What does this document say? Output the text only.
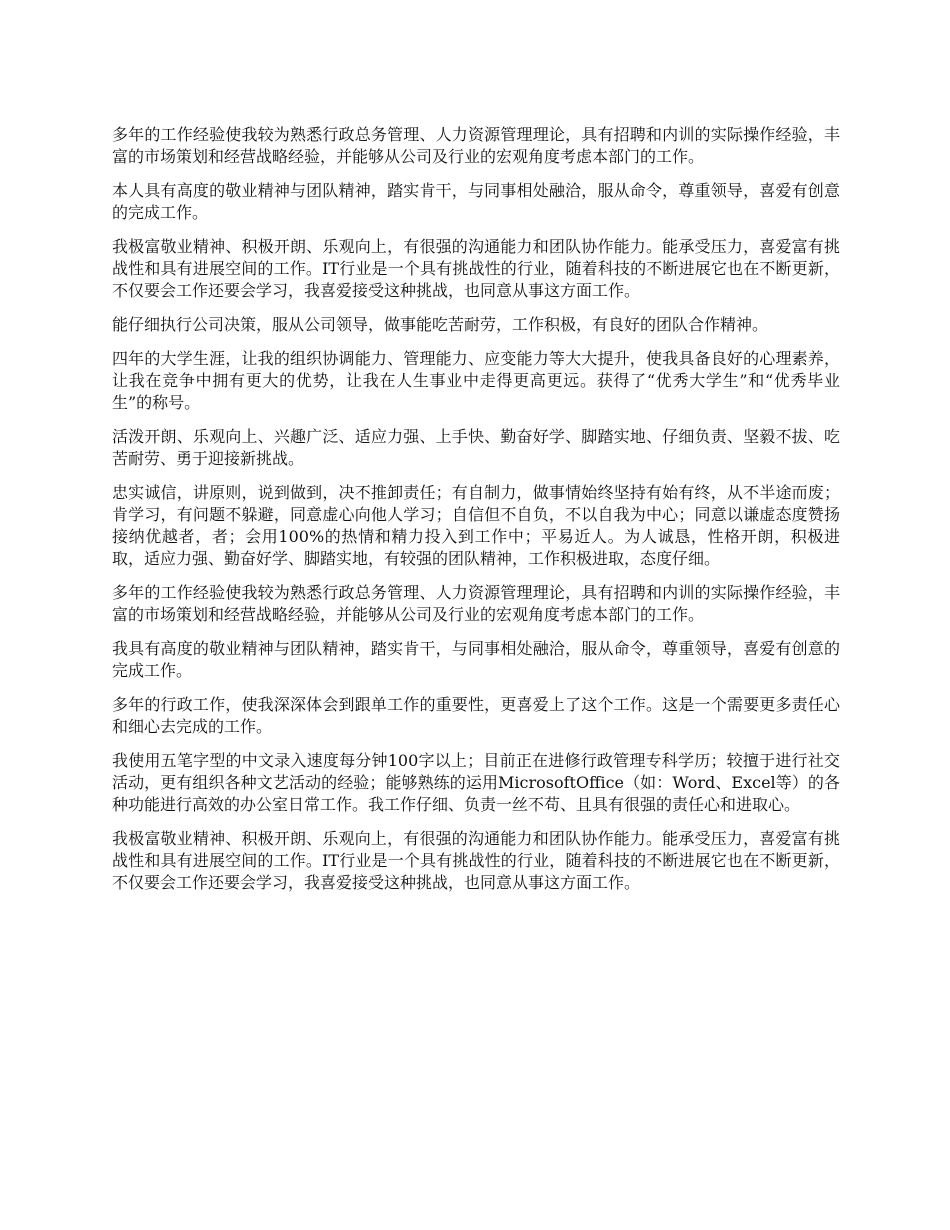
多年的工作经验使我较为熟悉行政总务管理、人力资源管理理论，具有招聘和内训的实际操作经验，丰富的市场策划和经营战略经验，并能够从公司及行业的宏观角度考虑本部门的工作。

本人具有高度的敬业精神与团队精神，踏实肯干，与同事相处融洽，服从命令，尊重领导，喜爱有创意的完成工作。

我极富敬业精神、积极开朗、乐观向上，有很强的沟通能力和团队协作能力。能承受压力，喜爱富有挑战性和具有进展空间的工作。IT行业是一个具有挑战性的行业，随着科技的不断进展它也在不断更新，不仅要会工作还要会学习，我喜爱接受这种挑战，也同意从事这方面工作。

能仔细执行公司决策，服从公司领导，做事能吃苦耐劳，工作积极，有良好的团队合作精神。

四年的大学生涯，让我的组织协调能力、管理能力、应变能力等大大提升，使我具备良好的心理素养，让我在竞争中拥有更大的优势，让我在人生事业中走得更高更远。获得了“优秀大学生”和“优秀毕业生”的称号。

活泼开朗、乐观向上、兴趣广泛、适应力强、上手快、勤奋好学、脚踏实地、仔细负责、坚毅不拔、吃苦耐劳、勇于迎接新挑战。

忠实诚信，讲原则，说到做到，决不推卸责任；有自制力，做事情始终坚持有始有终，从不半途而废；肯学习，有问题不躲避，同意虚心向他人学习；自信但不自负，不以自我为中心；同意以谦虚态度赞扬接纳优越者，者；会用100%的热情和精力投入到工作中；平易近人。为人诚恳，性格开朗，积极进取，适应力强、勤奋好学、脚踏实地，有较强的团队精神，工作积极进取，态度仔细。

多年的工作经验使我较为熟悉行政总务管理、人力资源管理理论，具有招聘和内训的实际操作经验，丰富的市场策划和经营战略经验，并能够从公司及行业的宏观角度考虑本部门的工作。

我具有高度的敬业精神与团队精神，踏实肯干，与同事相处融洽，服从命令，尊重领导，喜爱有创意的完成工作。

多年的行政工作，使我深深体会到跟单工作的重要性，更喜爱上了这个工作。这是一个需要更多责任心和细心去完成的工作。

我使用五笔字型的中文录入速度每分钟100字以上；目前正在进修行政管理专科学历；较擅于进行社交活动，更有组织各种文艺活动的经验；能够熟练的运用MicrosoftOffice（如：Word、Excel等）的各种功能进行高效的办公室日常工作。我工作仔细、负责一丝不苟、且具有很强的责任心和进取心。

我极富敬业精神、积极开朗、乐观向上，有很强的沟通能力和团队协作能力。能承受压力，喜爱富有挑战性和具有进展空间的工作。IT行业是一个具有挑战性的行业，随着科技的不断进展它也在不断更新，不仅要会工作还要会学习，我喜爱接受这种挑战，也同意从事这方面工作。
